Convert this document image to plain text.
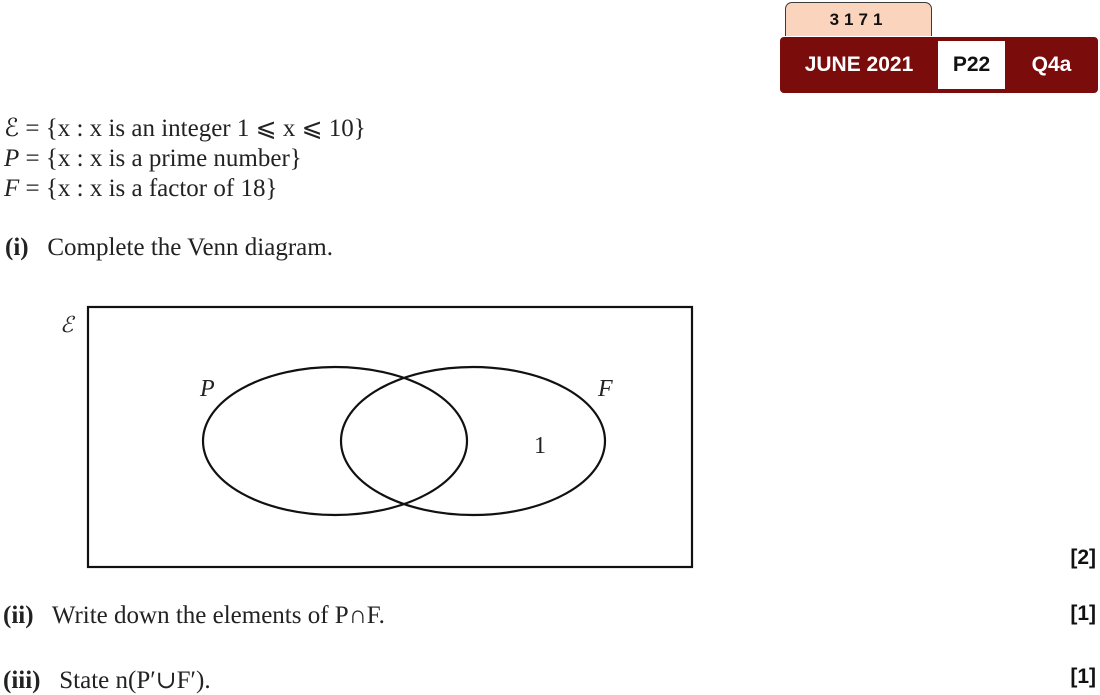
3171
JUNE 2021	P22	Q4a
ℰ = {x : x is an integer 1 ⩽ x ⩽ 10}
P = {x : x is a prime number}
F = {x : x is a factor of 18}
(i) Complete the Venn diagram.
ℰ
P	F
1
[2]
(ii) Write down the elements of P∩F.	[1]
(iii) State n(P′∪F′).	[1]
